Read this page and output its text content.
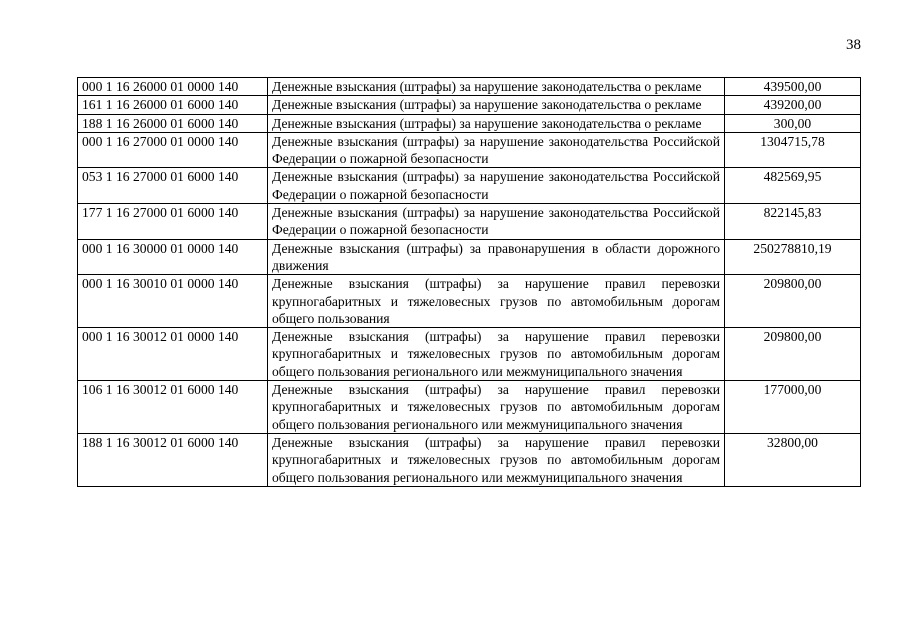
38
000 1 16 26000 01 0000 140	Денежные взыскания (штрафы) за нарушение законодательства о рекламе	439500,00
161 1 16 26000 01 6000 140	Денежные взыскания (штрафы) за нарушение законодательства о рекламе	439200,00
188 1 16 26000 01 6000 140	Денежные взыскания (штрафы) за нарушение законодательства о рекламе	300,00
000 1 16 27000 01 0000 140	Денежные взыскания (штрафы) за нарушение законодательства Российской Федерации о пожарной безопасности	1304715,78
053 1 16 27000 01 6000 140	Денежные взыскания (штрафы) за нарушение законодательства Российской Федерации о пожарной безопасности	482569,95
177 1 16 27000 01 6000 140	Денежные взыскания (штрафы) за нарушение законодательства Российской Федерации о пожарной безопасности	822145,83
000 1 16 30000 01 0000 140	Денежные взыскания (штрафы) за правонарушения в области дорожного движения	250278810,19
000 1 16 30010 01 0000 140	Денежные взыскания (штрафы) за нарушение правил перевозки крупногабаритных и тяжеловесных грузов по автомобильным дорогам общего пользования	209800,00
000 1 16 30012 01 0000 140	Денежные взыскания (штрафы) за нарушение правил перевозки крупногабаритных и тяжеловесных грузов по автомобильным дорогам общего пользования регионального или межмуниципального значения	209800,00
106 1 16 30012 01 6000 140	Денежные взыскания (штрафы) за нарушение правил перевозки крупногабаритных и тяжеловесных грузов по автомобильным дорогам общего пользования регионального или межмуниципального значения	177000,00
188 1 16 30012 01 6000 140	Денежные взыскания (штрафы) за нарушение правил перевозки крупногабаритных и тяжеловесных грузов по автомобильным дорогам общего пользования регионального или межмуниципального значения	32800,00
